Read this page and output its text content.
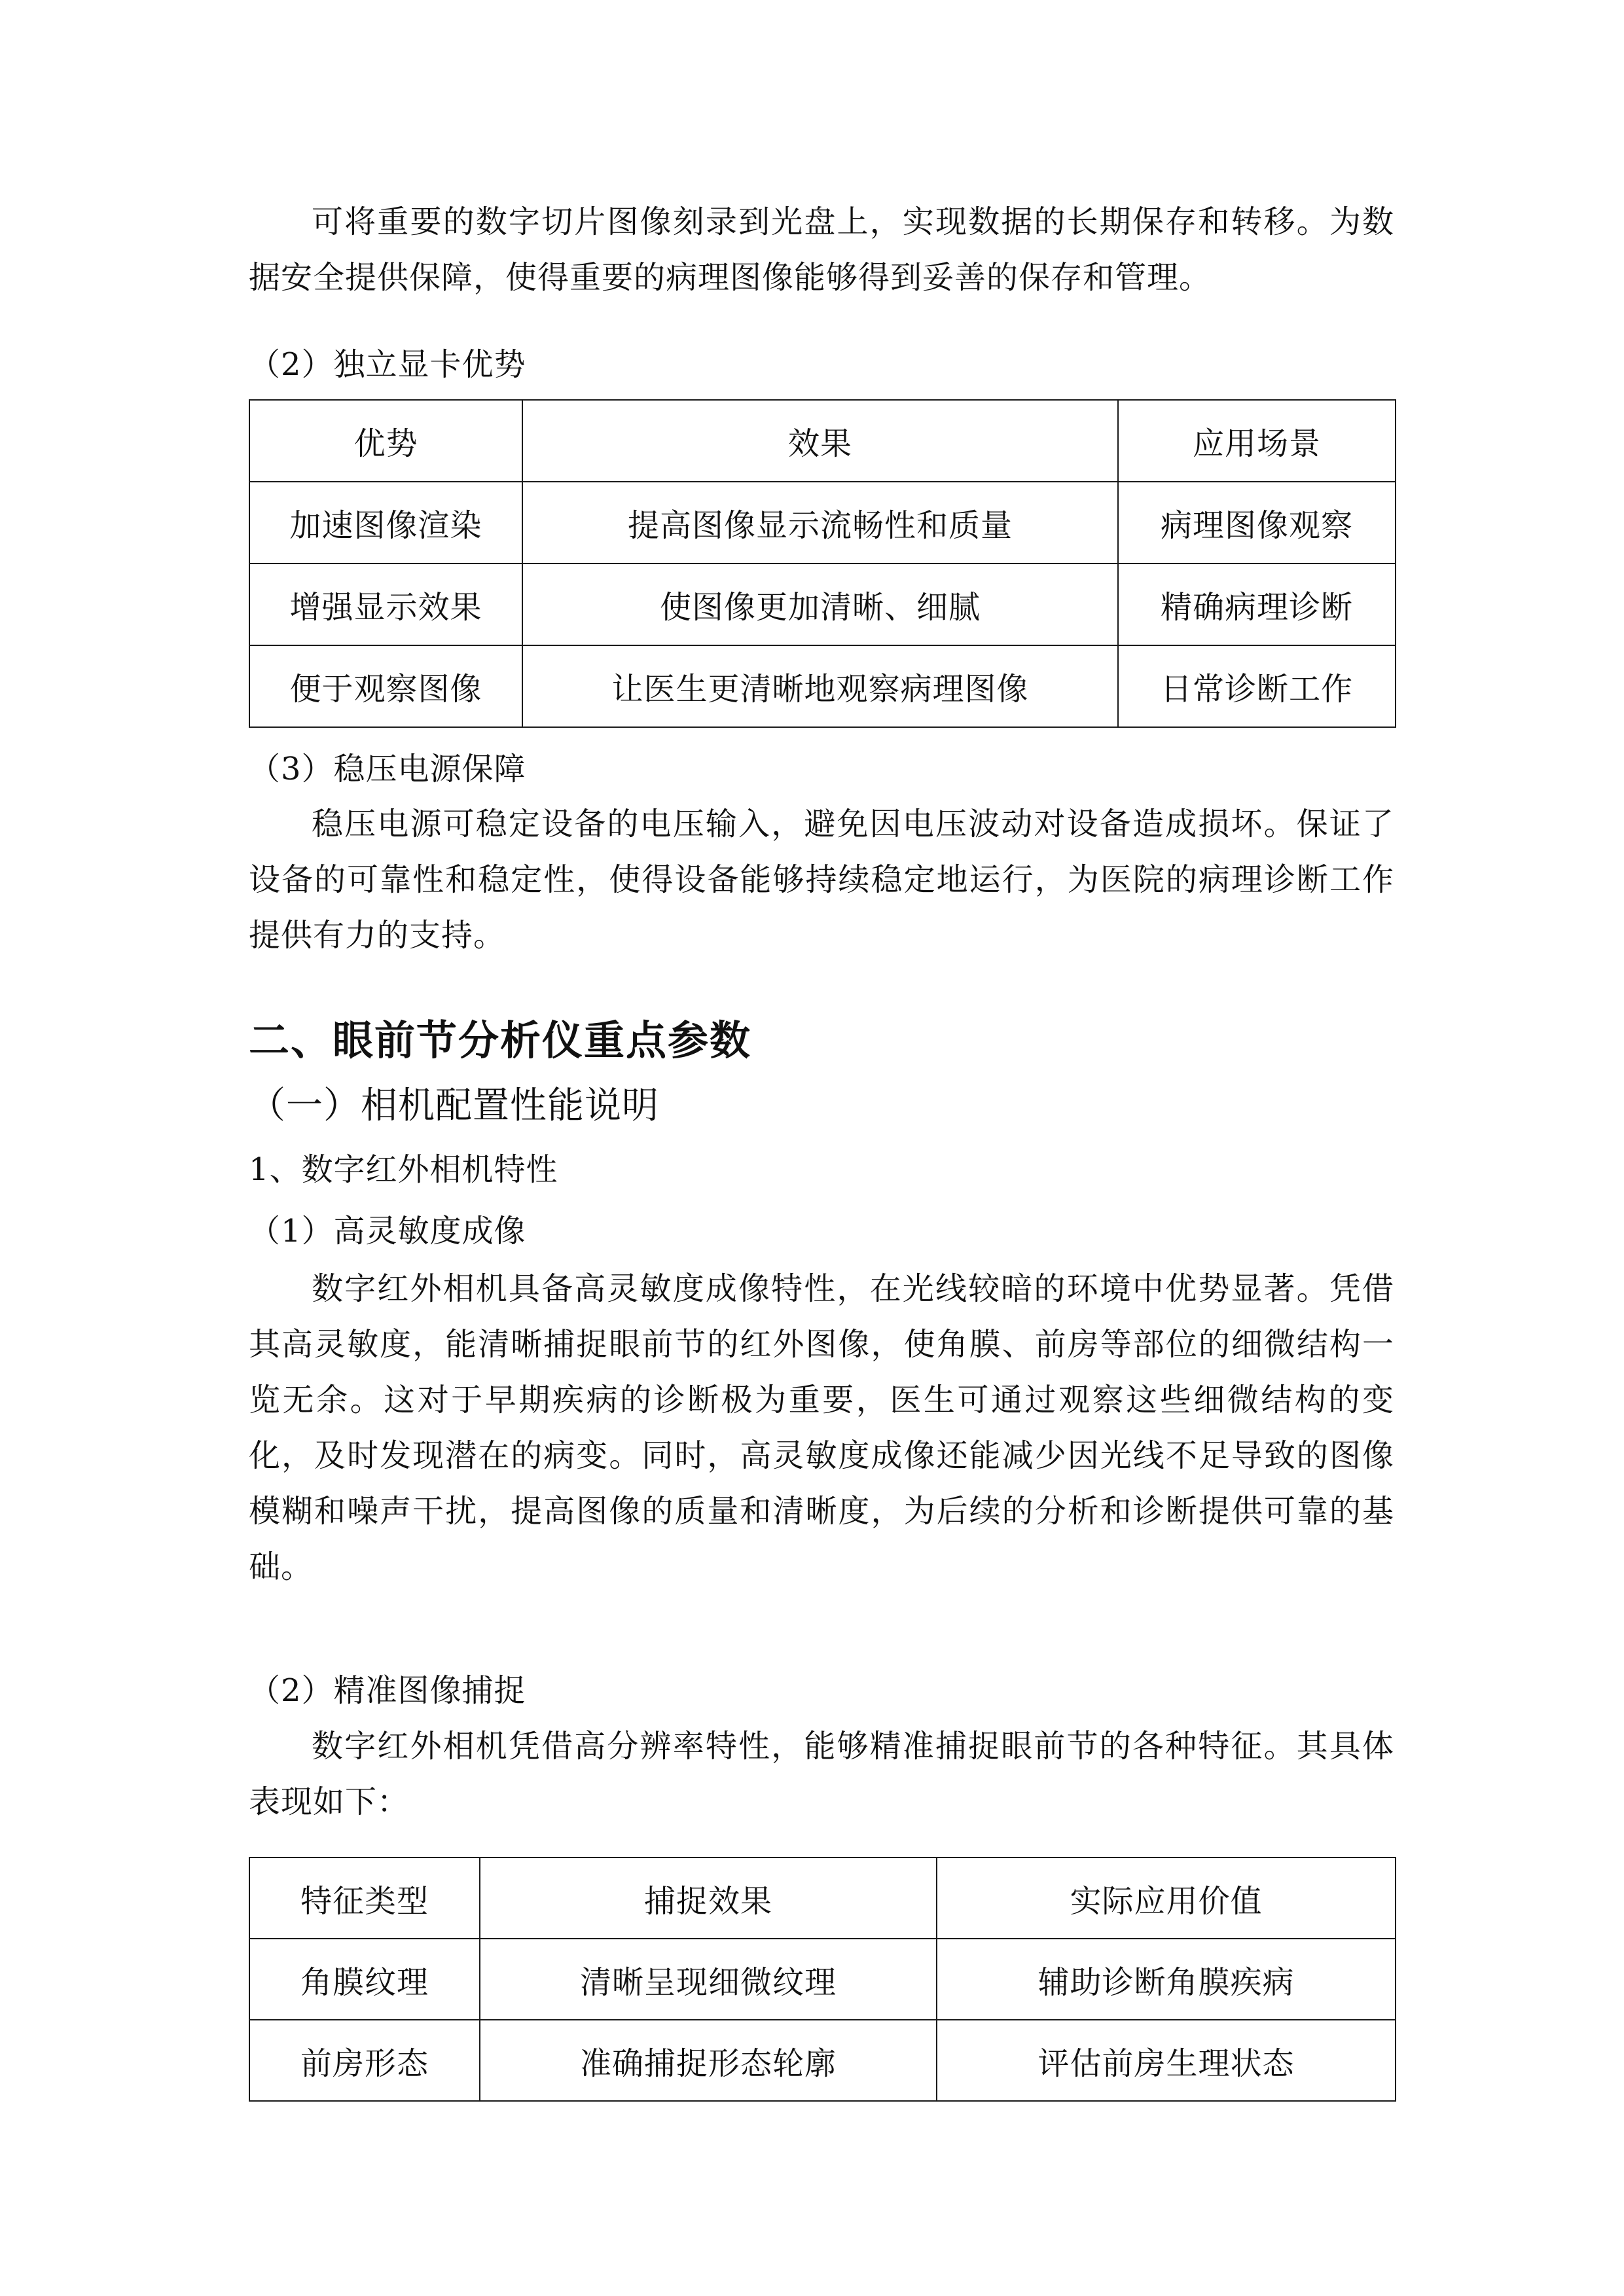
可将重要的数字切片图像刻录到光盘上，实现数据的长期保存和转移。为数据安全提供保障，使得重要的病理图像能够得到妥善的保存和管理。

（2）独立显卡优势

优势	效果	应用场景
加速图像渲染	提高图像显示流畅性和质量	病理图像观察
增强显示效果	使图像更加清晰、细腻	精确病理诊断
便于观察图像	让医生更清晰地观察病理图像	日常诊断工作

（3）稳压电源保障

稳压电源可稳定设备的电压输入，避免因电压波动对设备造成损坏。保证了设备的可靠性和稳定性，使得设备能够持续稳定地运行，为医院的病理诊断工作提供有力的支持。

二、眼前节分析仪重点参数

（一）相机配置性能说明

1、数字红外相机特性

（1）高灵敏度成像

数字红外相机具备高灵敏度成像特性，在光线较暗的环境中优势显著。凭借其高灵敏度，能清晰捕捉眼前节的红外图像，使角膜、前房等部位的细微结构一览无余。这对于早期疾病的诊断极为重要，医生可通过观察这些细微结构的变化，及时发现潜在的病变。同时，高灵敏度成像还能减少因光线不足导致的图像模糊和噪声干扰，提高图像的质量和清晰度，为后续的分析和诊断提供可靠的基础。

（2）精准图像捕捉

数字红外相机凭借高分辨率特性，能够精准捕捉眼前节的各种特征。其具体表现如下：

特征类型	捕捉效果	实际应用价值
角膜纹理	清晰呈现细微纹理	辅助诊断角膜疾病
前房形态	准确捕捉形态轮廓	评估前房生理状态
